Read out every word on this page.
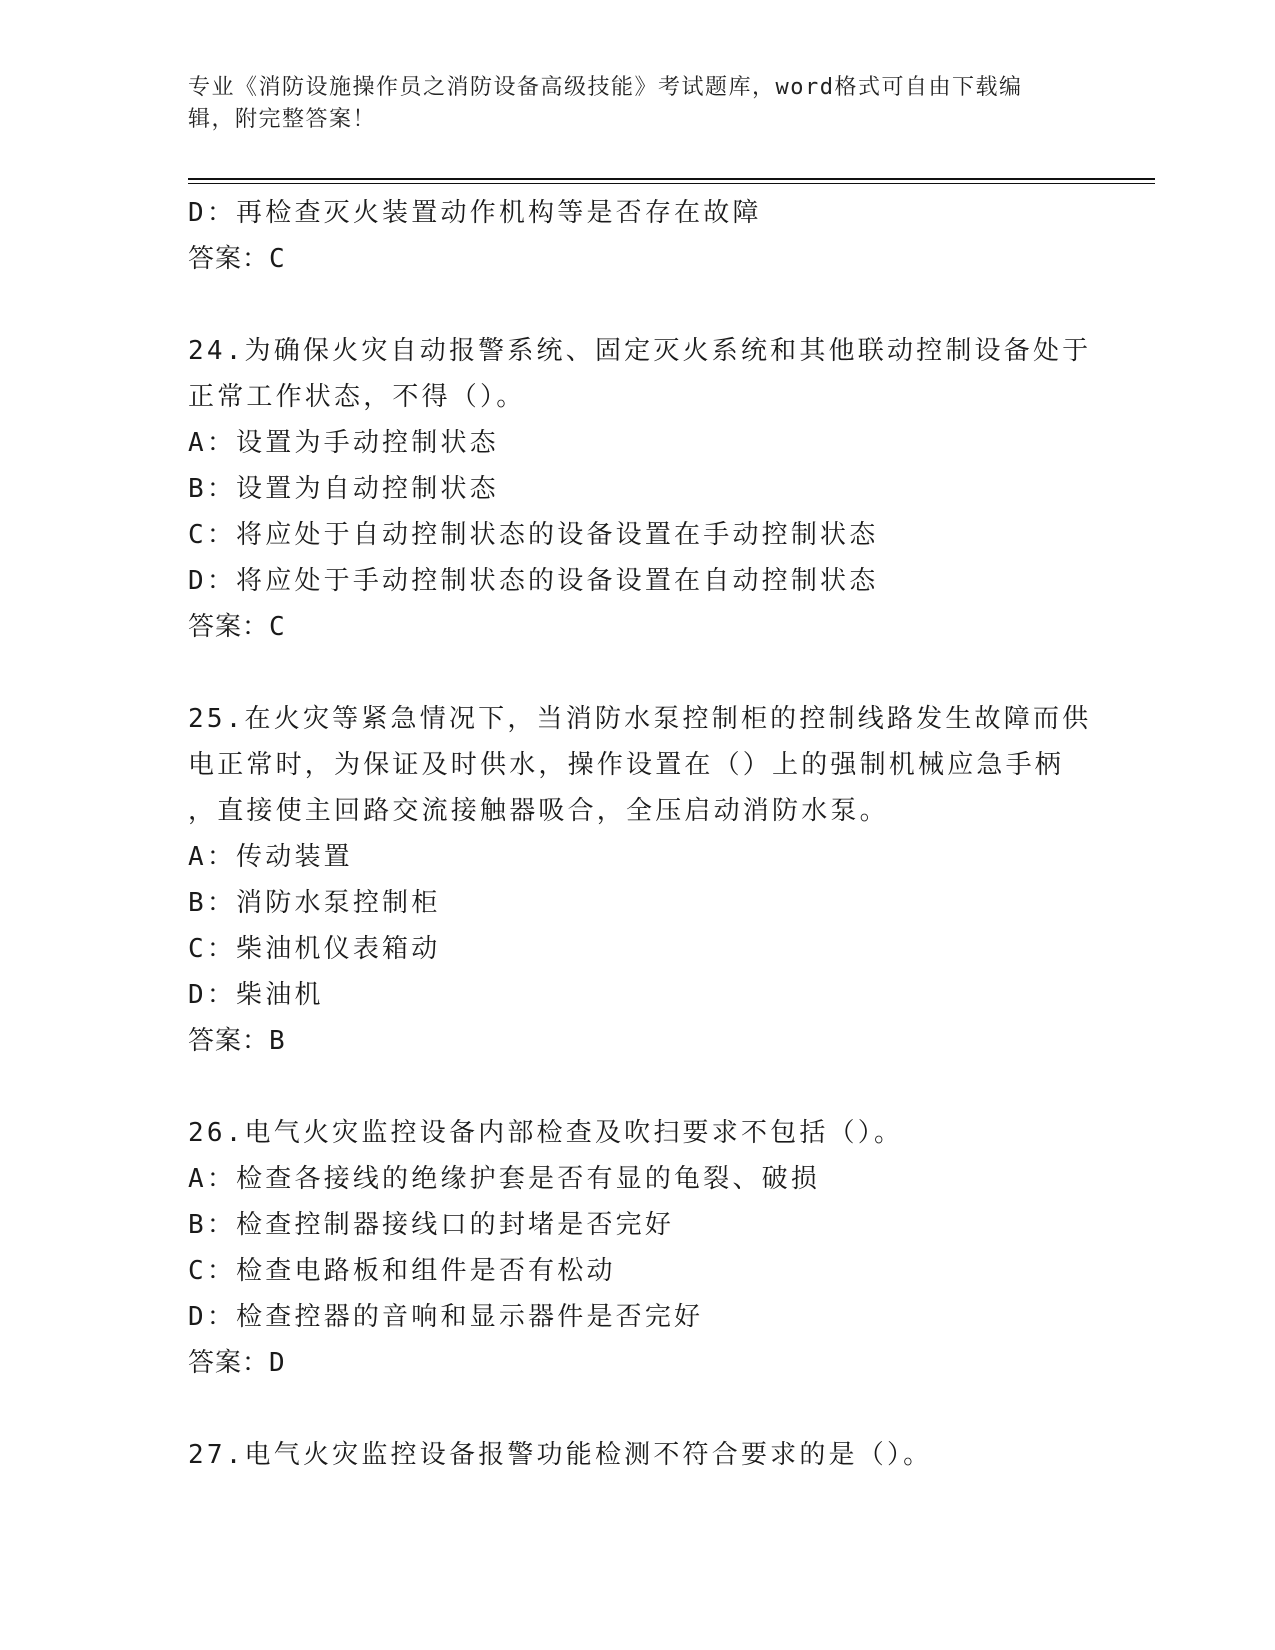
专业《消防设施操作员之消防设备高级技能》考试题库，word格式可自由下载编
辑，附完整答案！
D：再检查灭火装置动作机构等是否存在故障
答案：C
24.为确保火灾自动报警系统、固定灭火系统和其他联动控制设备处于
正常工作状态，不得（）。
A：设置为手动控制状态
B：设置为自动控制状态
C：将应处于自动控制状态的设备设置在手动控制状态
D：将应处于手动控制状态的设备设置在自动控制状态
答案：C
25.在火灾等紧急情况下，当消防水泵控制柜的控制线路发生故障而供
电正常时，为保证及时供水，操作设置在（）上的强制机械应急手柄
，直接使主回路交流接触器吸合，全压启动消防水泵。
A：传动装置
B：消防水泵控制柜
C：柴油机仪表箱动
D：柴油机
答案：B
26.电气火灾监控设备内部检查及吹扫要求不包括（）。
A：检查各接线的绝缘护套是否有显的龟裂、破损
B：检查控制器接线口的封堵是否完好
C：检查电路板和组件是否有松动
D：检查控器的音响和显示器件是否完好
答案：D
27.电气火灾监控设备报警功能检测不符合要求的是（）。
